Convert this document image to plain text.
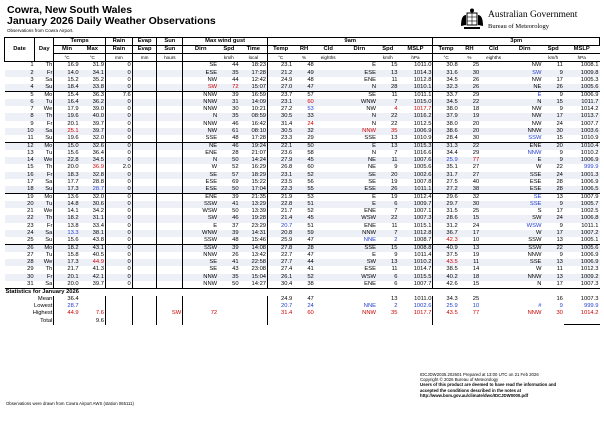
Cowra, New South Wales
January 2026 Daily Weather Observations
Observations from Cowra Airport.
Australian Government
Bureau of Meteorology
Date	Day	Temps		Rain	Evap	Sun	Max wind gust			9am						3pm					
		Min	Max	Rain	Evap	Sun	Dirn	Spd	Time	Temp	RH	Cld	Dirn	Spd	MSLP	Temp	RH	Cld	Dirn	Spd	MSLP
		°C	°C	mm	mm	hours		km/h	local	°C	%	eighths		km/h	hPa	°C	%	eighths		km/h	hPa
1	Th	16.9	31.9	0			SE	44	18:23	23.1	48		E	15	1011.0	30.8	25		NW	11	1008.1
2	Fr	14.0	34.1	0			ESE	35	17:28	21.2	49		ESE	13	1014.3	31.6	30		SW	9	1009.8
3	Sa	15.2	35.2	0			NW	44	12:42	24.9	48		ENE	11	1012.8	34.5	26		NW	17	1005.3
4	Su	18.4	33.8	0			SW	72	15:07	27.0	47		N	28	1010.1	32.3	26		NE	26	1005.6
5	Mo	15.4	36.3	7.6			NNW	39	16:59	23.7	57		SE	11	1011.1	33.7	29		E	9	1006.9
6	Tu	16.4	36.2	0			NNW	31	14:09	23.1	60		WNW	7	1015.0	34.5	22		N	15	1011.7
7	We	17.9	39.0	0			NNW	30	10:21	27.2	53		NW	4	1017.7	38.0	18		NW	9	1014.2
8	Th	19.6	40.0	0			N	35	08:59	30.5	33		N	22	1016.2	37.9	19		NW	17	1013.7
9	Fr	20.1	39.7	0			NNW	46	16:42	31.4	24		N	22	1012.5	38.0	20		NW	24	1007.7
10	Sa	25.1	39.7	0			NW	61	08:10	30.5	32		NNW	35	1006.9	38.6	20		NNW	30	1003.6
11	Su	19.6	32.0	0			SSE	48	17:28	23.3	29		SSE	13	1010.9	28.4	30		SSW	15	1010.9
12	Mo	15.0	32.6	0			NE	46	19:24	22.1	50		E	13	1015.3	31.3	22		ENE	20	1010.4
13	Tu	15.6	36.4	0			ENE	28	21:07	23.6	58		N	7	1016.6	34.4	29		NNW	9	1010.2
14	We	22.8	34.5	0			N	50	14:24	27.9	45		NE	11	1007.6	25.9	77		E	9	1006.9
15	Th	20.0	36.9	2.0			W	52	16:29	26.8	60		NE	9	1005.6	35.1	27		W	22	999.9
16	Fr	18.3	32.8	0			SE	57	18:29	23.1	52		SE	20	1002.6	31.7	27		SSE	24	1001.3
17	Sa	17.7	28.8	0			ESE	69	15:22	23.5	56		SE	19	1007.8	27.5	40		ESE	28	1006.9
18	Su	17.3	28.7	0			ESE	50	17:04	22.3	55		ESE	26	1011.1	27.2	38		ESE	28	1006.5
19	Mo	13.6	32.0	0			ENE	39	21:35	21.9	53		E	19	1012.4	29.6	32		SE	13	1007.9
20	Tu	14.8	30.6	0			SSW	41	13:29	22.8	51		E	6	1009.7	29.7	30		SSE	9	1005.7
21	We	14.1	34.2	0			WSW	50	13:39	21.7	52		ENE	7	1007.1	31.5	25		S	17	1002.5
22	Th	18.2	31.1	0			SW	46	19:28	21.4	45		WSW	22	1007.3	28.6	15		SW	24	1006.8
23	Fr	13.8	33.4	0			E	37	23:29	20.7	51		ENE	11	1015.1	31.2	24		WSW	9	1011.1
24	Sa	13.3	38.1	0			WNW	39	14:31	20.8	59		NNW	7	1012.8	36.7	17		W	17	1007.2
25	Su	15.6	43.8	0			SSW	48	15:46	25.9	47		NNE	2	1008.7	42.3	10		SSW	13	1005.1
26	Mo	18.2	43.1	0			SSW	39	14:08	27.8	28		SSE	15	1008.8	40.9	13		SSW	22	1005.6
27	Tu	15.8	40.5	0			NNW	26	13:42	22.7	47		E	9	1011.4	37.5	19		NNW	9	1006.9
28	We	17.3	44.9	0			SE	41	22:58	27.7	44		SW	13	1010.2	43.5	11		SSE	13	1006.9
29	Th	21.7	41.3	0			SE	43	23:08	27.4	41		ESE	11	1014.7	38.5	14		W	11	1012.3
30	Fr	20.1	42.1	0			NNW	35	15:04	26.1	52		WSW	6	1015.5	40.2	18		NNW	13	1009.2
31	Sa	20.0	39.7	0			NNW	50	14:27	30.4	38		ENE	6	1007.7	42.6	15		N	17	1007.3
Statistics for January 2026																					
Mean		36.4								24.9	47			13	1011.0	34.3	25			16	1007.3
Lowest		28.7								20.7	24		NNE	2	1002.6	25.9	10		#	9	999.9
Highest		44.9	7.6			SW	72			31.4	60		NNW	35	1017.7	43.5	77		NNW	30	1014.2
Total			9.6																		
IDCJDW2035.202601 Prepared at 13:00 UTC on 21 Feb 2026
Copyright © 2026 Bureau of Meteorology
Users of this product are deemed to have read the information and
accepted the conditions described in the notes at
http://www.bom.gov.au/climate/dwo/IDCJDW0000.pdf
Observations were drawn from Cowra Airport AWS (station 065111)
